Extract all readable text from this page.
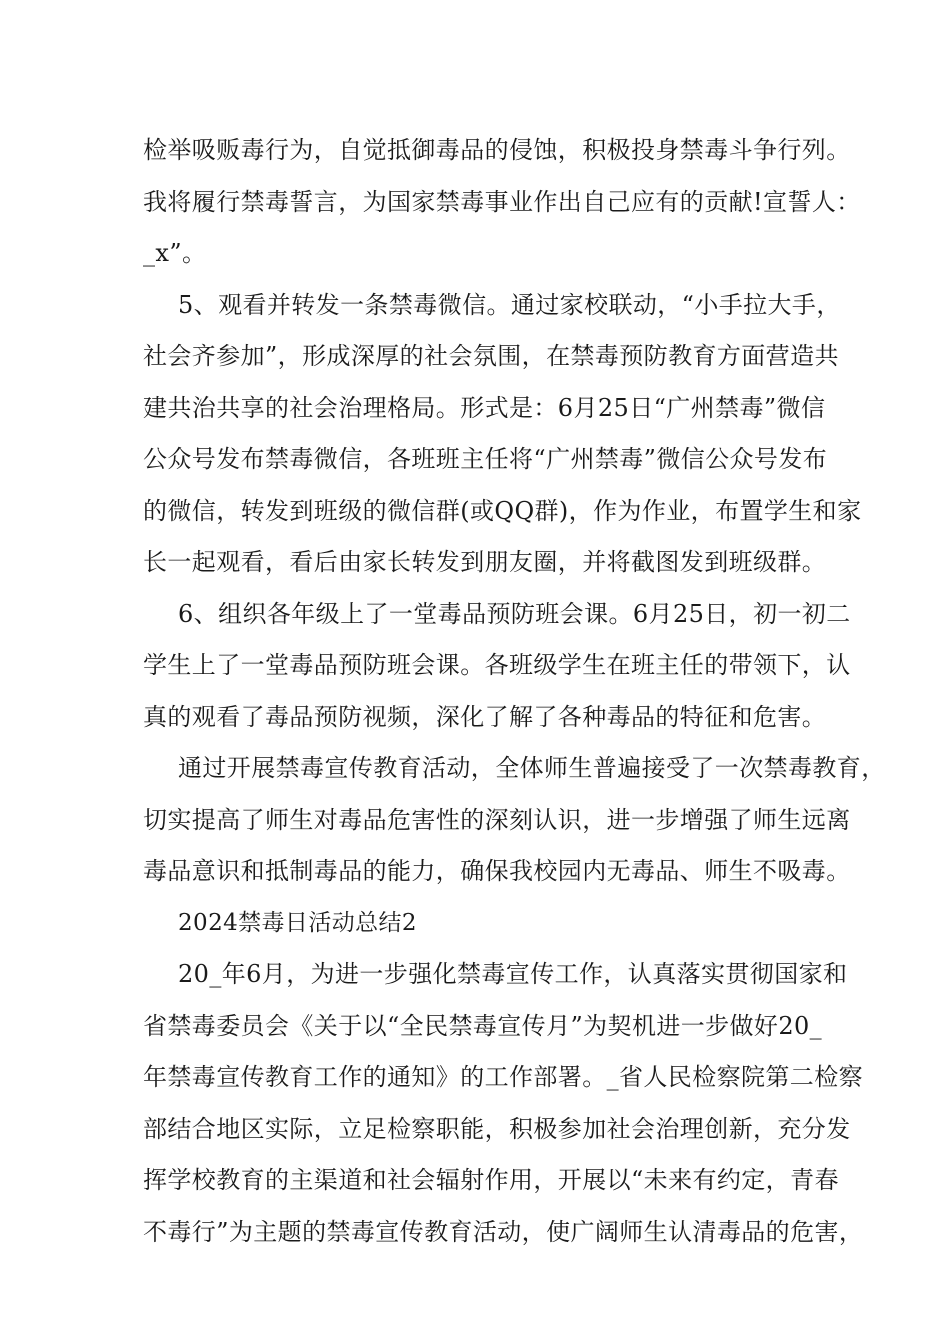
检举吸贩毒行为，自觉抵御毒品的侵蚀，积极投身禁毒斗争行列。
我将履行禁毒誓言，为国家禁毒事业作出自己应有的贡献!宣誓人：
_x”。
5、观看并转发一条禁毒微信。通过家校联动，“小手拉大手，
社会齐参加”，形成深厚的社会氛围，在禁毒预防教育方面营造共
建共治共享的社会治理格局。形式是：6月25日“广州禁毒”微信
公众号发布禁毒微信，各班班主任将“广州禁毒”微信公众号发布
的微信，转发到班级的微信群(或QQ群)，作为作业，布置学生和家
长一起观看，看后由家长转发到朋友圈，并将截图发到班级群。
6、组织各年级上了一堂毒品预防班会课。6月25日，初一初二
学生上了一堂毒品预防班会课。各班级学生在班主任的带领下，认
真的观看了毒品预防视频，深化了解了各种毒品的特征和危害。
通过开展禁毒宣传教育活动，全体师生普遍接受了一次禁毒教育，
切实提高了师生对毒品危害性的深刻认识，进一步增强了师生远离
毒品意识和抵制毒品的能力，确保我校园内无毒品、师生不吸毒。
2024禁毒日活动总结2
20_年6月，为进一步强化禁毒宣传工作，认真落实贯彻国家和
省禁毒委员会《关于以“全民禁毒宣传月”为契机进一步做好20_
年禁毒宣传教育工作的通知》的工作部署。_省人民检察院第二检察
部结合地区实际，立足检察职能，积极参加社会治理创新，充分发
挥学校教育的主渠道和社会辐射作用，开展以“未来有约定，青春
不毒行”为主题的禁毒宣传教育活动，使广阔师生认清毒品的危害，
